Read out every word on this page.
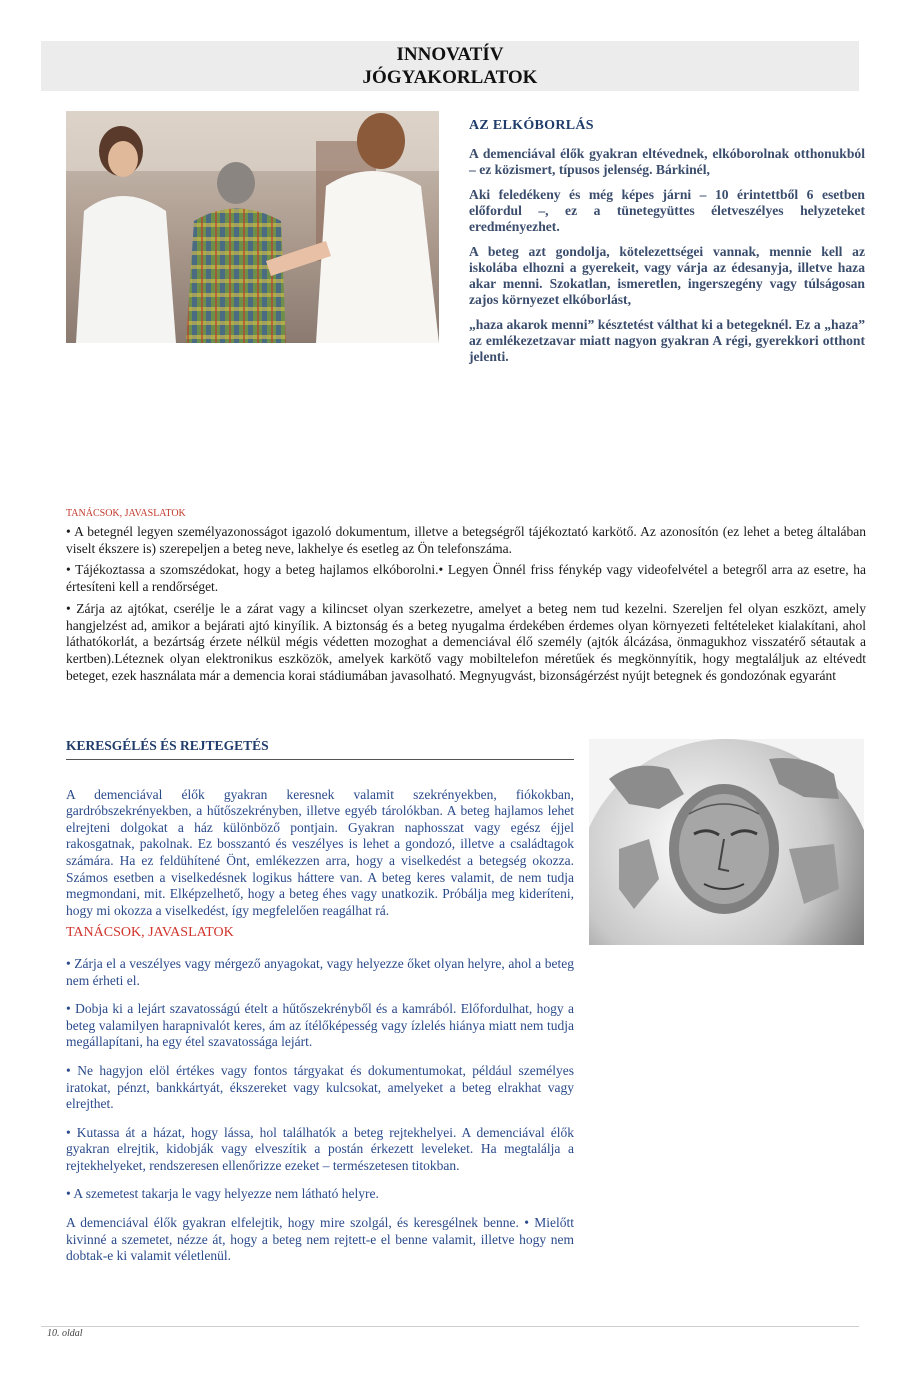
INNOVATÍV
JÓGYAKORLATOK
AZ ELKÓBORLÁS

A demenciával élők gyakran eltévednek, elkóborolnak otthonukból – ez közismert, típusos jelenség. Bárkinél,

Aki feledékeny és még képes járni – 10 érintettből 6 esetben előfordul –, ez a tünetegyüttes életveszélyes helyzeteket eredményezhet.

A beteg azt gondolja, kötelezettségei vannak, mennie kell az iskolába elhozni a gyerekeit, vagy várja az édesanyja, illetve haza akar menni. Szokatlan, ismeretlen, ingerszegény vagy túlságosan zajos környezet elkóborlást,

„haza akarok menni” késztetést válthat ki a betegeknél. Ez a „haza” az emlékezetzavar miatt nagyon gyakran A régi, gyerekkori otthont jelenti.

TANÁCSOK, JAVASLATOK

• A betegnél legyen személyazonosságot igazoló dokumentum, illetve a betegségről tájékoztató karkötő. Az azonosítón (ez lehet a beteg általában viselt ékszere is) szerepeljen a beteg neve, lakhelye és esetleg az Ön telefonszáma.

• Tájékoztassa a szomszédokat, hogy a beteg hajlamos elkóborolni.• Legyen Önnél friss fénykép vagy videofelvétel a betegről arra az esetre, ha értesíteni kell a rendőrséget.

• Zárja az ajtókat, cserélje le a zárat vagy a kilincset olyan szerkezetre, amelyet a beteg nem tud kezelni. Szereljen fel olyan eszközt, amely hangjelzést ad, amikor a bejárati ajtó kinyílik. A biztonság és a beteg nyugalma érdekében érdemes olyan környezeti feltételeket kialakítani, ahol láthatókorlát, a bezártság érzete nélkül mégis védetten mozoghat a demenciával élő személy (ajtók álcázása, önmagukhoz visszatérő sétautak a kertben).Léteznek olyan elektronikus eszközök, amelyek karkötő vagy mobiltelefon méretűek és megkönnyítik, hogy megtaláljuk az eltévedt beteget, ezek használata már a demencia korai stádiumában javasolható. Megnyugvást, bizonságérzést nyújt betegnek és gondozónak egyaránt

KERESGÉLÉS ÉS REJTEGETÉS

A demenciával élők gyakran keresnek valamit szekrényekben, fiókokban, gardróbszekrényekben, a hűtőszekrényben, illetve egyéb tárolókban. A beteg hajlamos lehet elrejteni dolgokat a ház különböző pontjain. Gyakran naphosszat vagy egész éjjel rakosgatnak, pakolnak. Ez bosszantó és veszélyes is lehet a gondozó, illetve a családtagok számára. Ha ez feldühítené Önt, emlékezzen arra, hogy a viselkedést a betegség okozza. Számos esetben a viselkedésnek logikus háttere van. A beteg keres valamit, de nem tudja megmondani, mit. Elképzelhető, hogy a beteg éhes vagy unatkozik. Próbálja meg kideríteni, hogy mi okozza a viselkedést, így megfelelően reagálhat rá.

TANÁCSOK, JAVASLATOK

• Zárja el a veszélyes vagy mérgező anyagokat, vagy helyezze őket olyan helyre, ahol a beteg nem érheti el.

• Dobja ki a lejárt szavatosságú ételt a hűtőszekrényből és a kamrából. Előfordulhat, hogy a beteg valamilyen harapnivalót keres, ám az ítélőképesség vagy ízlelés hiánya miatt nem tudja megállapítani, ha egy étel szavatossága lejárt.

• Ne hagyjon elöl értékes vagy fontos tárgyakat és dokumentumokat, például személyes iratokat, pénzt, bankkártyát, ékszereket vagy kulcsokat, amelyeket a beteg elrakhat vagy elrejthet.

• Kutassa át a házat, hogy lássa, hol találhatók a beteg rejtekhelyei. A demenciával élők gyakran elrejtik, kidobják vagy elveszítik a postán érkezett leveleket. Ha megtalálja a rejtekhelyeket, rendszeresen ellenőrizze ezeket – természetesen titokban.

• A szemetest takarja le vagy helyezze nem látható helyre.

A demenciával élők gyakran elfelejtik, hogy mire szolgál, és keresgélnek benne. • Mielőtt kivinné a szemetet, nézze át, hogy a beteg nem rejtett-e el benne valamit, illetve hogy nem dobtak-e ki valamit véletlenül.

10. oldal
